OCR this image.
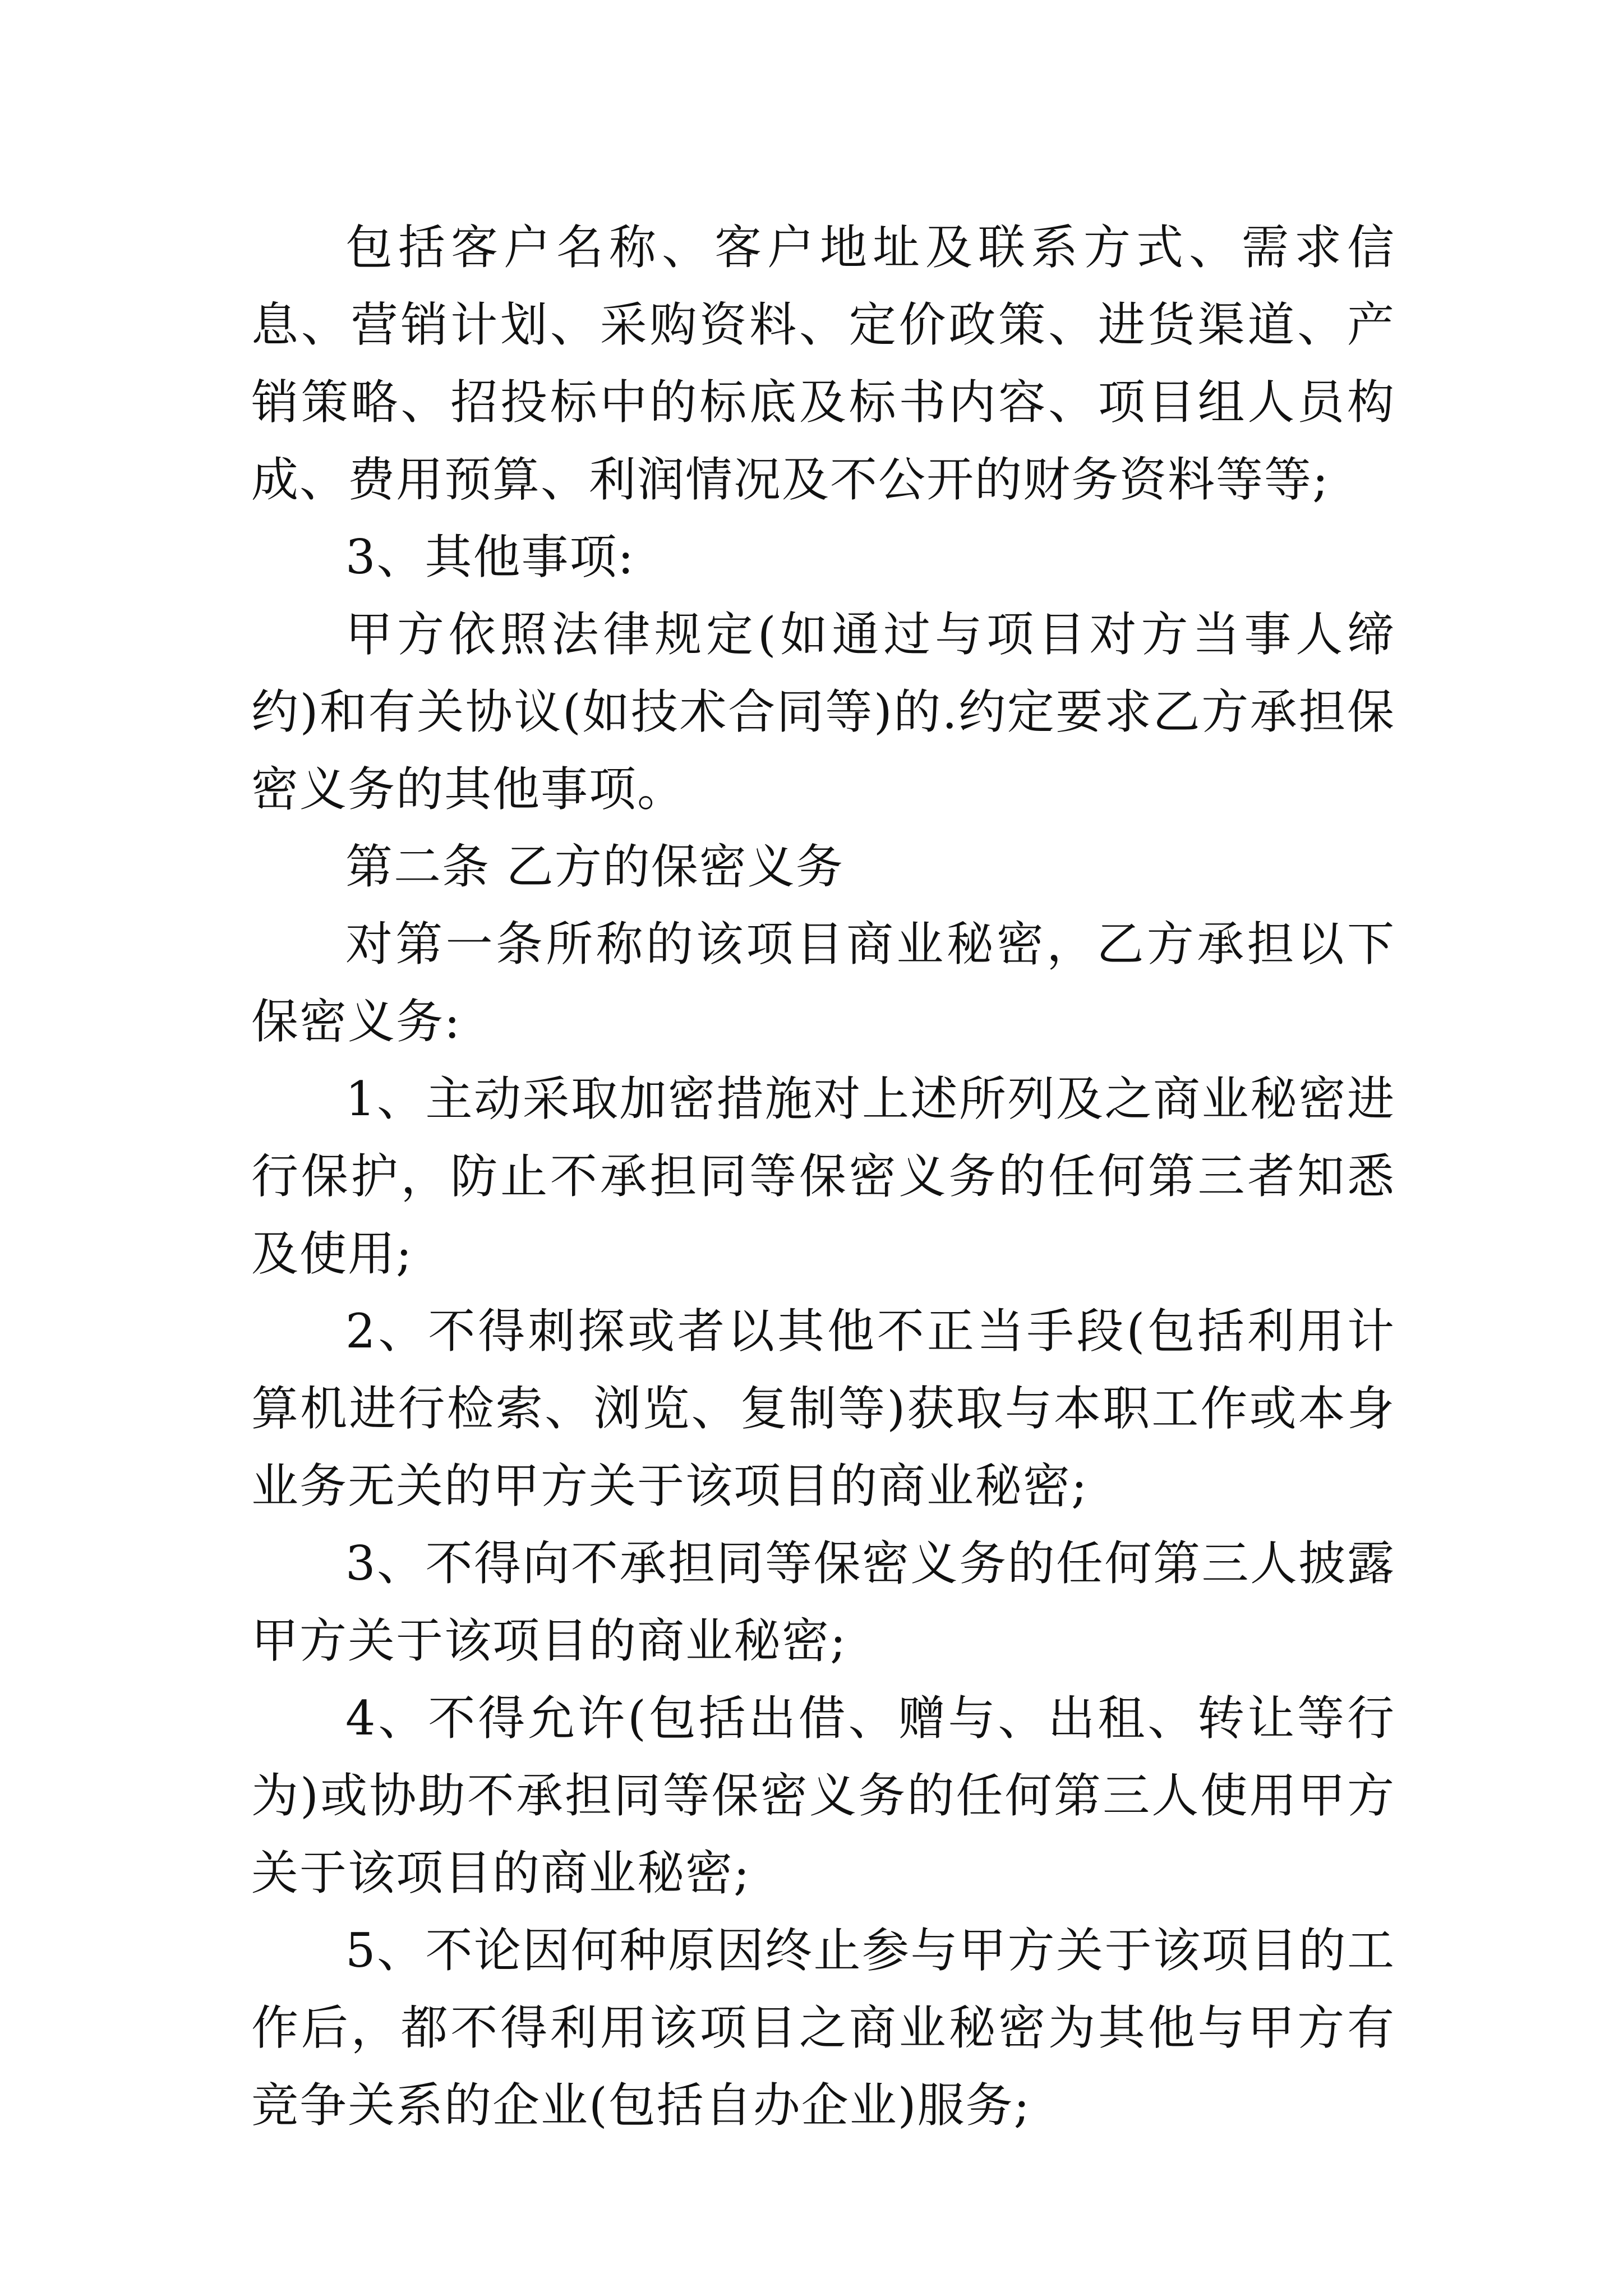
包括客户名称、客户地址及联系方式、需求信息、营销计划、采购资料、定价政策、进货渠道、产销策略、招投标中的标底及标书内容、项目组人员构成、费用预算、利润情况及不公开的财务资料等等;

3、其他事项:

甲方依照法律规定(如通过与项目对方当事人缔约)和有关协议(如技术合同等)的.约定要求乙方承担保密义务的其他事项。

第二条 乙方的保密义务

对第一条所称的该项目商业秘密，乙方承担以下保密义务:

1、主动采取加密措施对上述所列及之商业秘密进行保护，防止不承担同等保密义务的任何第三者知悉及使用;

2、不得刺探或者以其他不正当手段(包括利用计算机进行检索、浏览、复制等)获取与本职工作或本身业务无关的甲方关于该项目的商业秘密;

3、不得向不承担同等保密义务的任何第三人披露甲方关于该项目的商业秘密;

4、不得允许(包括出借、赠与、出租、转让等行为)或协助不承担同等保密义务的任何第三人使用甲方关于该项目的商业秘密;

5、不论因何种原因终止参与甲方关于该项目的工作后，都不得利用该项目之商业秘密为其他与甲方有竞争关系的企业(包括自办企业)服务;
